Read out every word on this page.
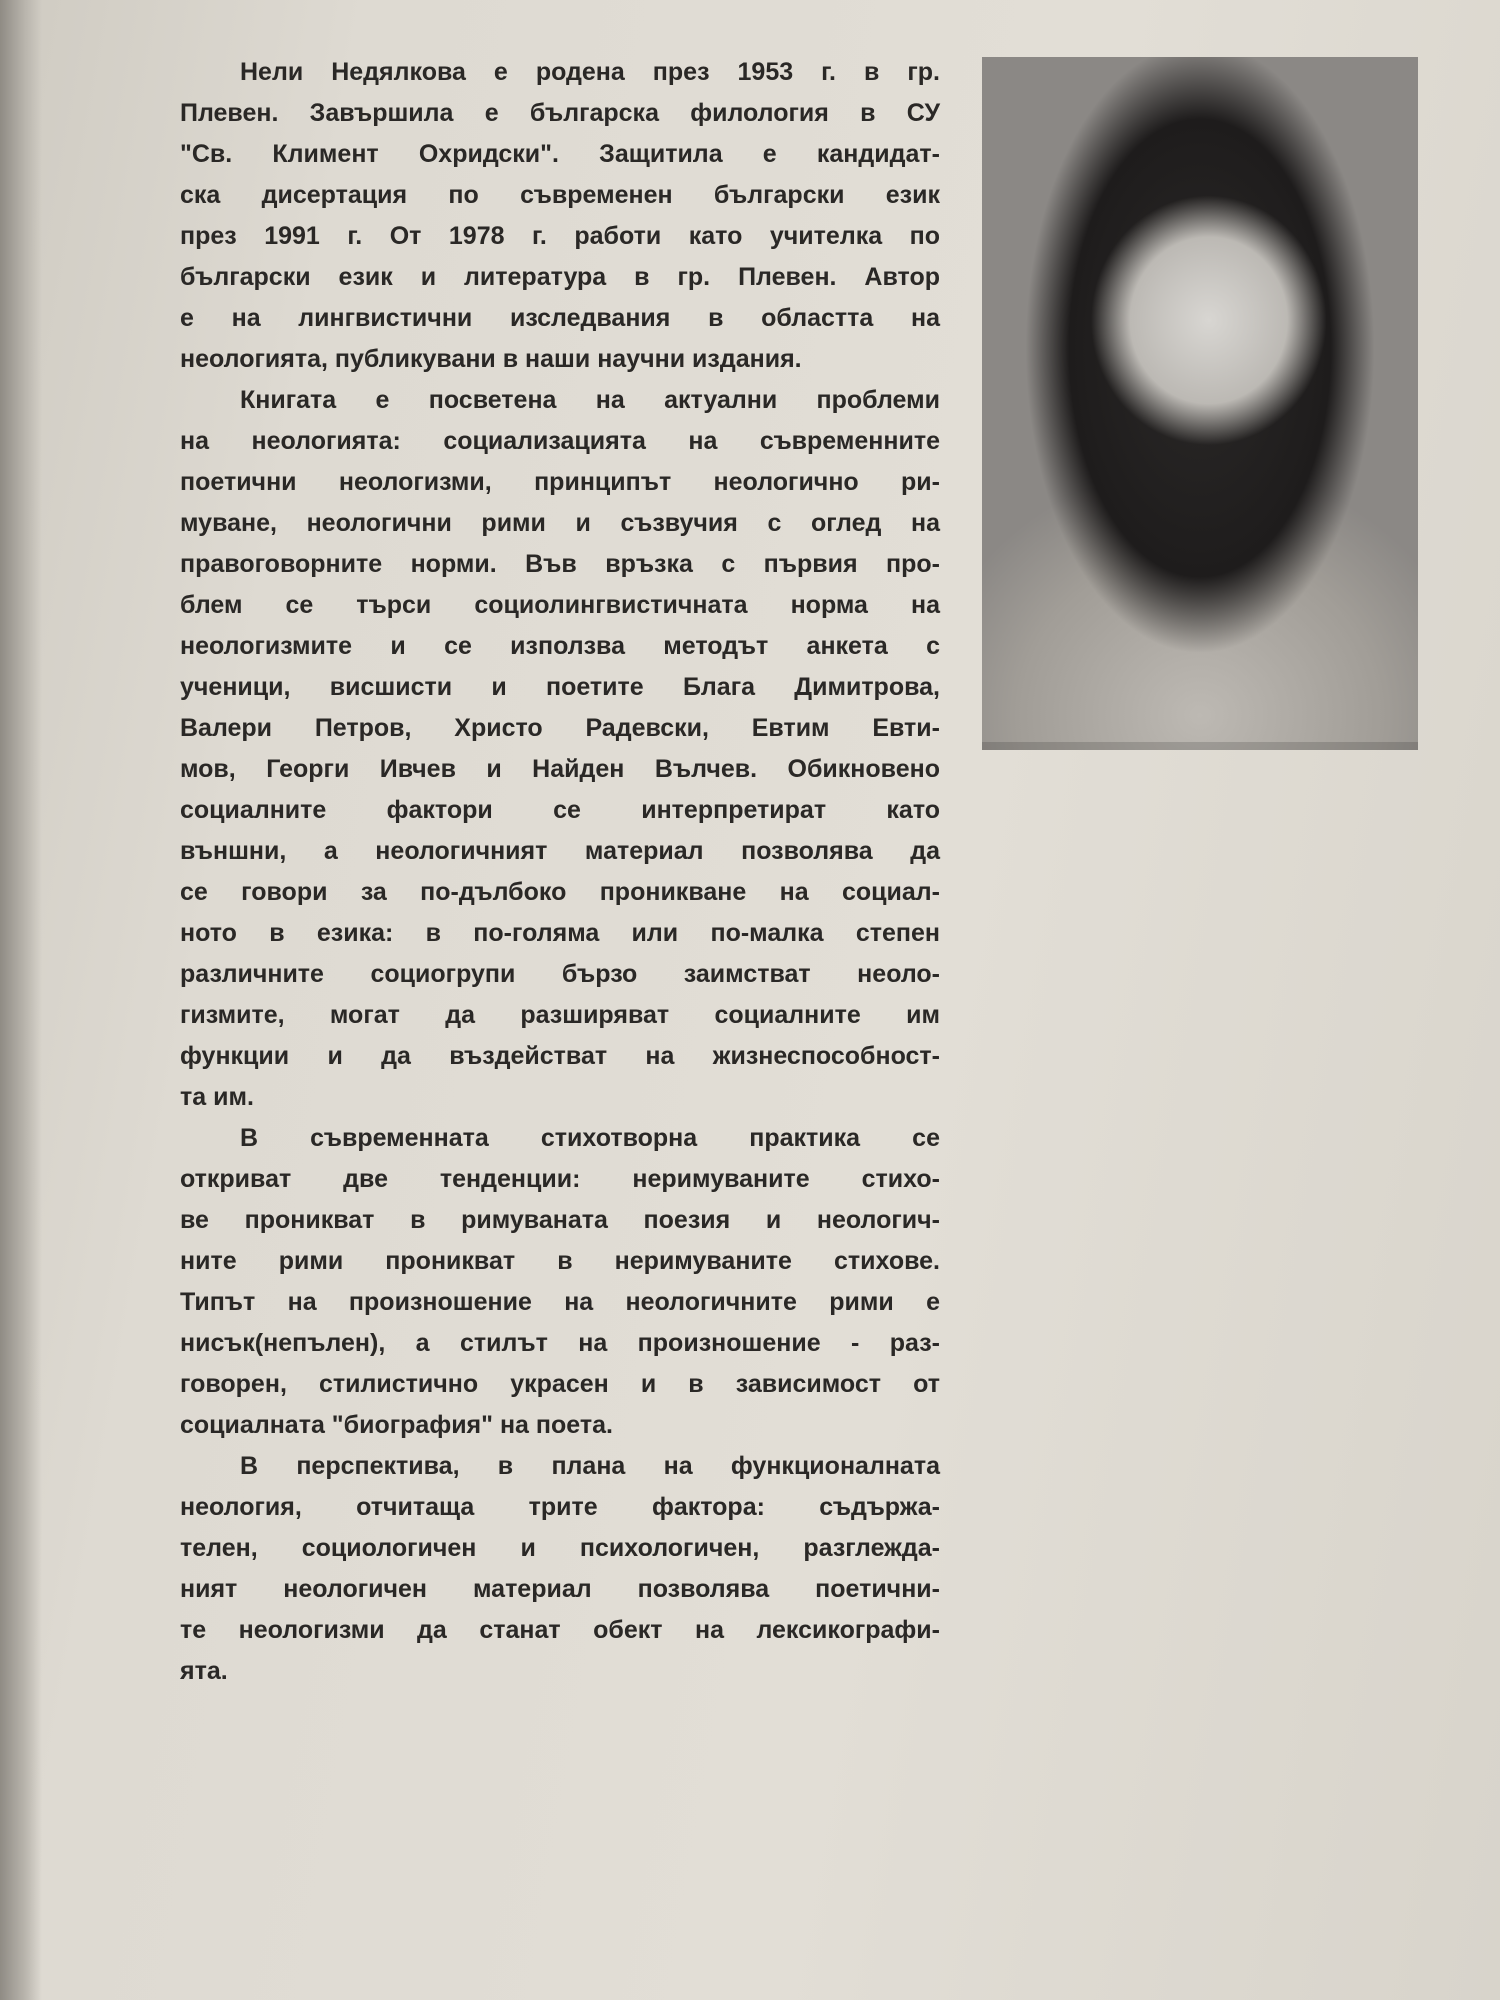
Нели Недялкова е родена през 1953 г. в гр.
Плевен. Завършила е българска филология в СУ
"Св. Климент Охридски". Защитила е кандидат-
ска дисертация по съвременен български език
през 1991 г. От 1978 г. работи като учителка по
български език и литература в гр. Плевен. Автор
е на лингвистични изследвания в областта на
неологията, публикувани в наши научни издания.
Книгата е посветена на актуални проблеми
на неологията: социализацията на съвременните
поетични неологизми, принципът неологично ри-
муване, неологични рими и съзвучия с оглед на
правоговорните норми. Във връзка с първия про-
блем се търси социолингвистичната норма на
неологизмите и се използва методът анкета с
ученици, висшисти и поетите Блага Димитрова,
Валери Петров, Христо Радевски, Евтим Евти-
мов, Георги Ивчев и Найден Вълчев. Обикновено
социалните фактори се интерпретират като
външни, а неологичният материал позволява да
се говори за по-дълбоко проникване на социал-
ното в езика: в по-голяма или по-малка степен
различните социогрупи бързо заимстват неоло-
гизмите, могат да разширяват социалните им
функции и да въздействат на жизнеспособност-
та им.
В съвременната стихотворна практика се
откриват две тенденции: неримуваните стихо-
ве проникват в римуваната поезия и неологич-
ните рими проникват в неримуваните стихове.
Типът на произношение на неологичните рими е
нисък(непълен), а стилът на произношение - раз-
говорен, стилистично украсен и в зависимост от
социалната "биография" на поета.
В перспектива, в плана на функционалната
неология, отчитаща трите фактора: съдържа-
телен, социологичен и психологичен, разглежда-
ният неологичен материал позволява поетични-
те неологизми да станат обект на лексикографи-
ята.
